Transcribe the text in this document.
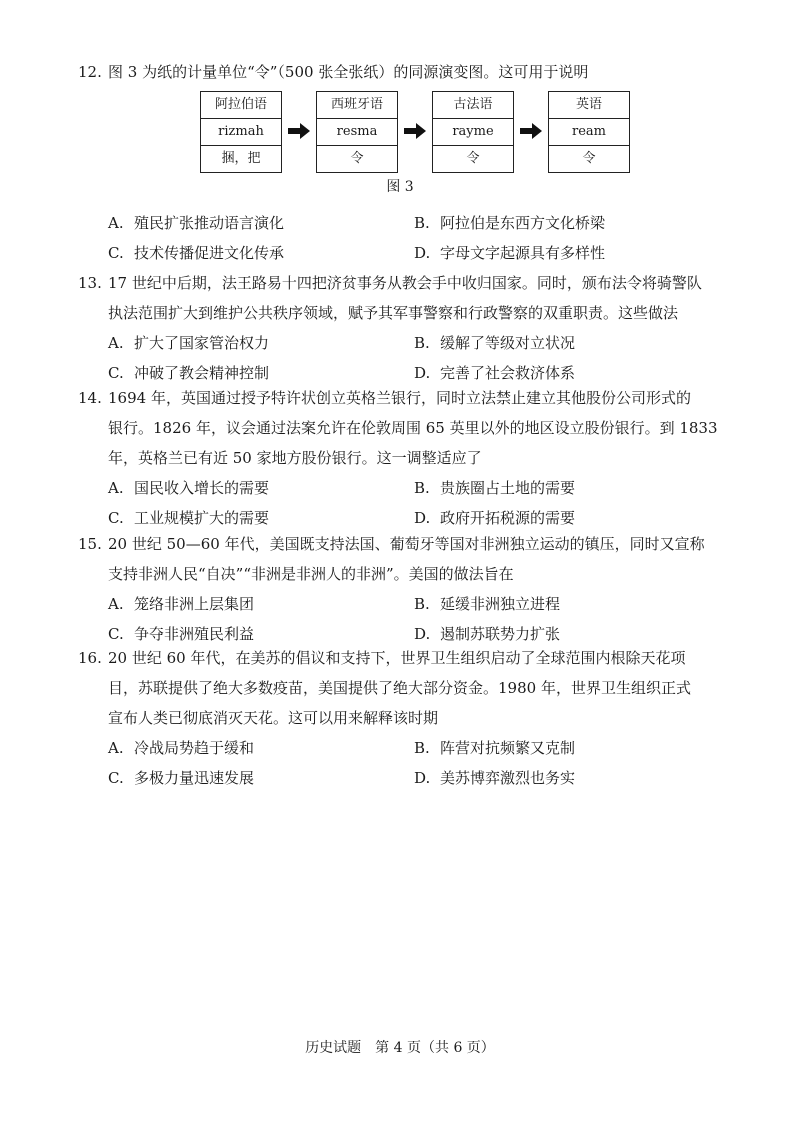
12. 图 3 为纸的计量单位“令”（500 张全张纸）的同源演变图。这可用于说明
阿拉伯语
rizmah
捆，把
西班牙语
resma
令
古法语
rayme
令
英语
ream
令
图 3
A. 殖民扩张推动语言演化	B. 阿拉伯是东西方文化桥梁
C. 技术传播促进文化传承	D. 字母文字起源具有多样性
13. 17 世纪中后期，法王路易十四把济贫事务从教会手中收归国家。同时，颁布法令将骑警队
执法范围扩大到维护公共秩序领域，赋予其军事警察和行政警察的双重职责。这些做法
A. 扩大了国家管治权力	B. 缓解了等级对立状况
C. 冲破了教会精神控制	D. 完善了社会救济体系
14. 1694 年，英国通过授予特许状创立英格兰银行，同时立法禁止建立其他股份公司形式的
银行。1826 年，议会通过法案允许在伦敦周围 65 英里以外的地区设立股份银行。到 1833
年，英格兰已有近 50 家地方股份银行。这一调整适应了
A. 国民收入增长的需要	B. 贵族圈占土地的需要
C. 工业规模扩大的需要	D. 政府开拓税源的需要
15. 20 世纪 50—60 年代，美国既支持法国、葡萄牙等国对非洲独立运动的镇压，同时又宣称
支持非洲人民“自决”“非洲是非洲人的非洲”。美国的做法旨在
A. 笼络非洲上层集团	B. 延缓非洲独立进程
C. 争夺非洲殖民利益	D. 遏制苏联势力扩张
16. 20 世纪 60 年代，在美苏的倡议和支持下，世界卫生组织启动了全球范围内根除天花项
目，苏联提供了绝大多数疫苗，美国提供了绝大部分资金。1980 年，世界卫生组织正式
宣布人类已彻底消灭天花。这可以用来解释该时期
A. 冷战局势趋于缓和	B. 阵营对抗频繁又克制
C. 多极力量迅速发展	D. 美苏博弈激烈也务实
历史试题　第 4 页（共 6 页）
